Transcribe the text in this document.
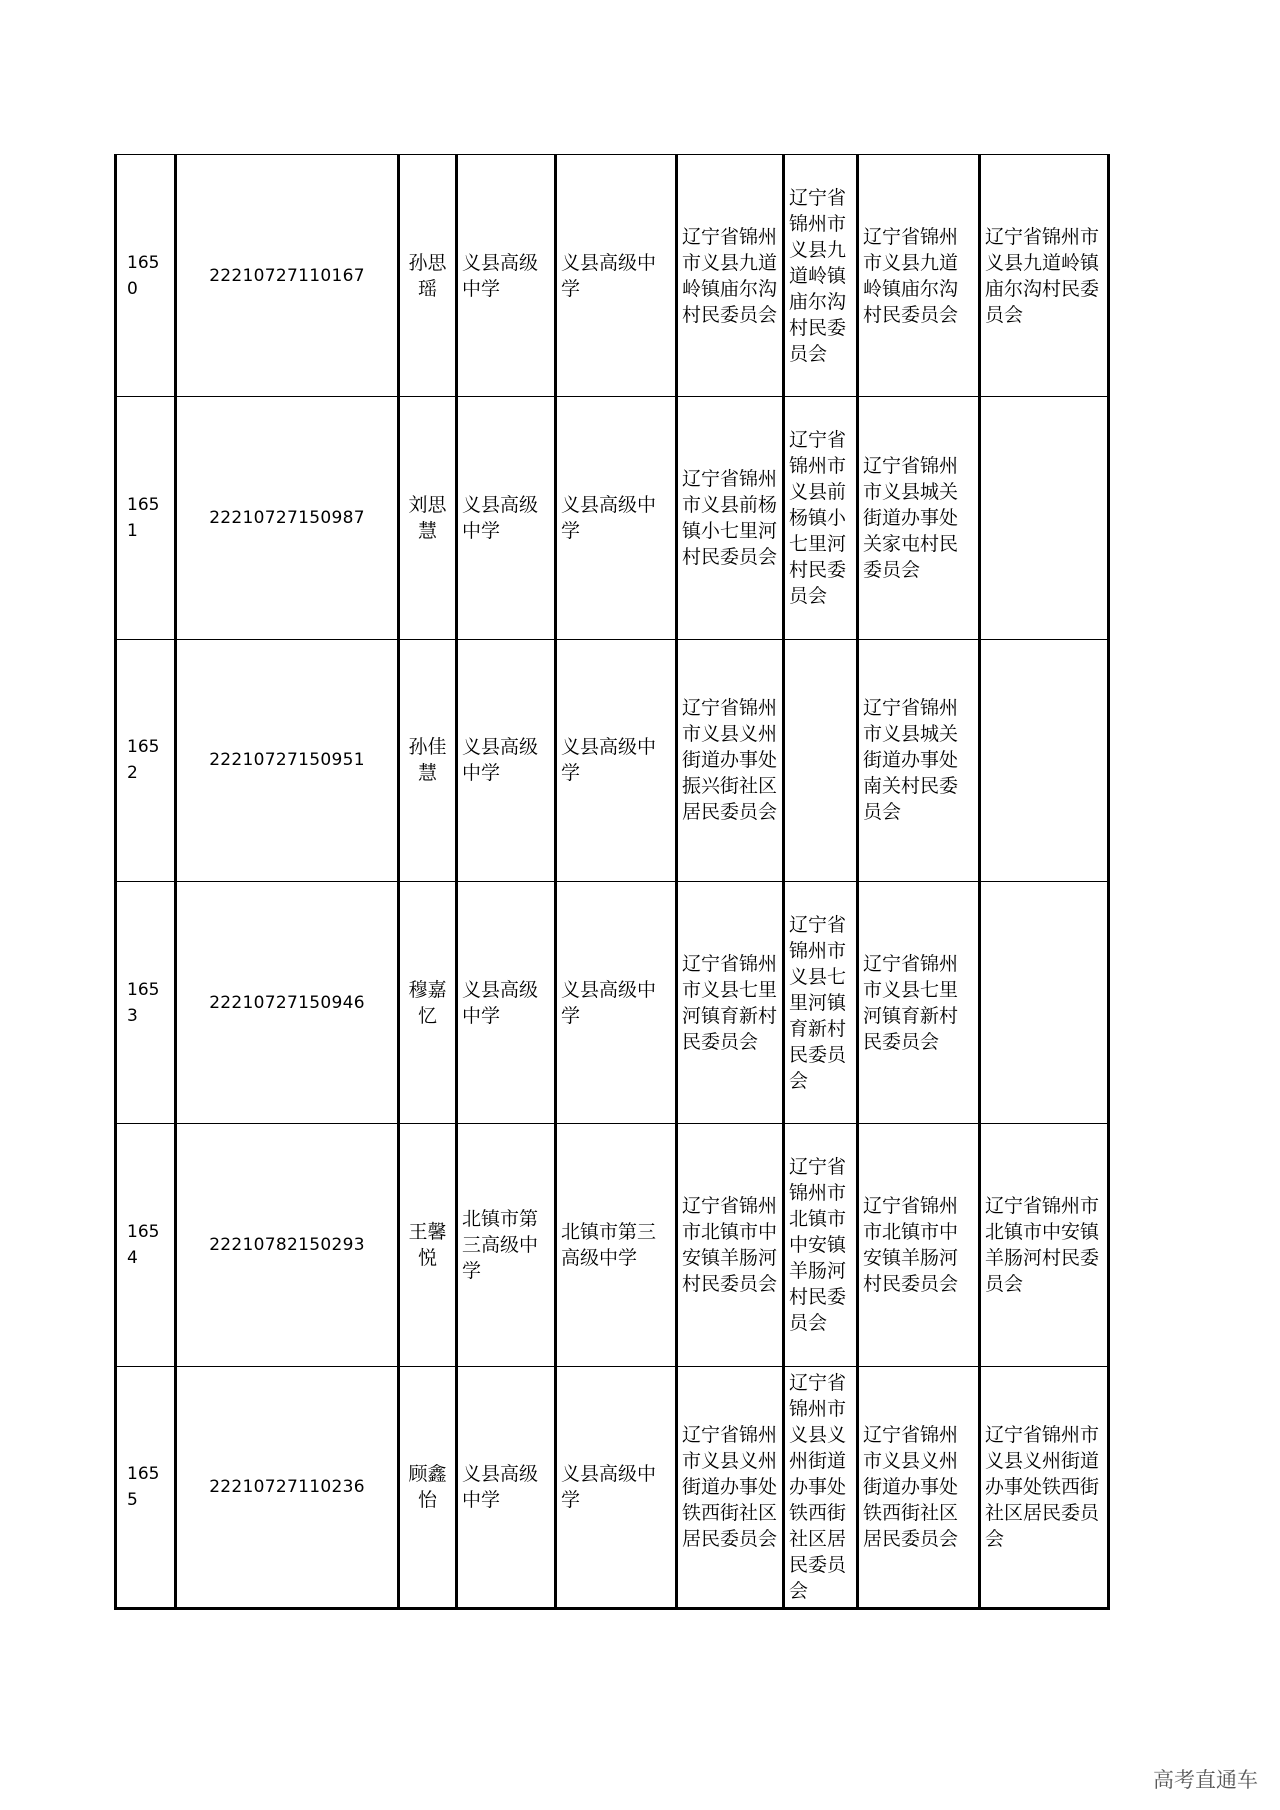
1650	22210727110167	孙思瑶	义县高级中学	义县高级中学	辽宁省锦州市义县九道岭镇庙尔沟村民委员会	辽宁省锦州市义县九道岭镇庙尔沟村民委员会	辽宁省锦州市义县九道岭镇庙尔沟村民委员会	辽宁省锦州市义县九道岭镇庙尔沟村民委员会
1651	22210727150987	刘思慧	义县高级中学	义县高级中学	辽宁省锦州市义县前杨镇小七里河村民委员会	辽宁省锦州市义县前杨镇小七里河村民委员会	辽宁省锦州市义县城关街道办事处关家屯村民委员会	
1652	22210727150951	孙佳慧	义县高级中学	义县高级中学	辽宁省锦州市义县义州街道办事处振兴街社区居民委员会		辽宁省锦州市义县城关街道办事处南关村民委员会	
1653	22210727150946	穆嘉忆	义县高级中学	义县高级中学	辽宁省锦州市义县七里河镇育新村民委员会	辽宁省锦州市义县七里河镇育新村民委员会	辽宁省锦州市义县七里河镇育新村民委员会	
1654	22210782150293	王馨悦	北镇市第三高级中学	北镇市第三高级中学	辽宁省锦州市北镇市中安镇羊肠河村民委员会	辽宁省锦州市北镇市中安镇羊肠河村民委员会	辽宁省锦州市北镇市中安镇羊肠河村民委员会	辽宁省锦州市北镇市中安镇羊肠河村民委员会
1655	22210727110236	顾鑫怡	义县高级中学	义县高级中学	辽宁省锦州市义县义州街道办事处铁西街社区居民委员会	辽宁省锦州市义县义州街道办事处铁西街社区居民委员会	辽宁省锦州市义县义州街道办事处铁西街社区居民委员会	辽宁省锦州市义县义州街道办事处铁西街社区居民委员会
高考直通车
